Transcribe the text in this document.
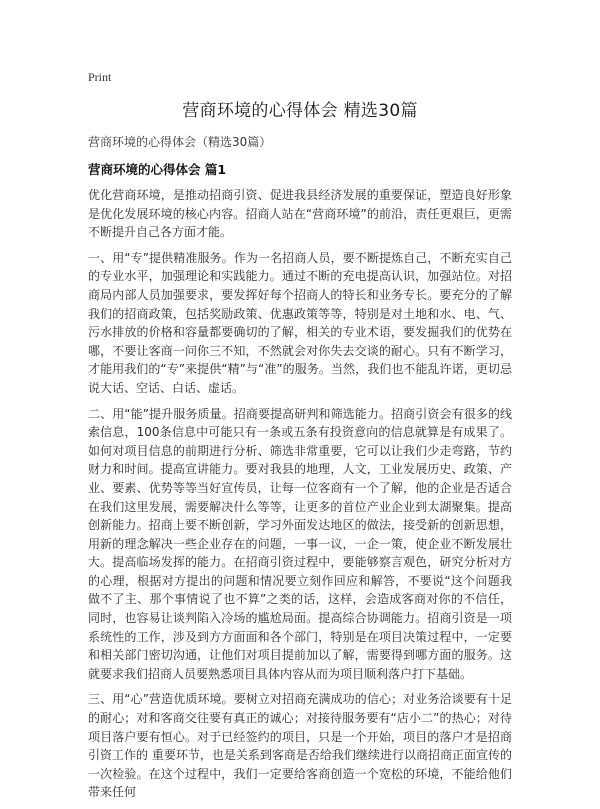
Print
营商环境的心得体会 精选30篇
营商环境的心得体会（精选30篇）
营商环境的心得体会 篇1

优化营商环境，是推动招商引资、促进我县经济发展的重要保证，塑造良好形象是优化发展环境的核心内容。招商人站在“营商环境”的前沿，责任更艰巨，更需不断提升自己各方面才能。

一、用“专”提供精准服务。作为一名招商人员，要不断提炼自己，不断充实自己的专业水平，加强理论和实践能力。通过不断的充电提高认识，加强站位。对招商局内部人员加强要求，要发挥好每个招商人的特长和业务专长。要充分的了解我们的招商政策，包括奖励政策、优惠政策等等，特别是对土地和水、电、气、污水排放的价格和容量都要确切的了解，相关的专业术语，要发掘我们的优势在哪，不要让客商一问你三不知，不然就会对你失去交谈的耐心。只有不断学习，才能用我们的“专”来提供“精”与“准”的服务。当然，我们也不能乱许诺，更切忌说大话、空话、白话、虚话。

二、用“能”提升服务质量。招商要提高研判和筛选能力。招商引资会有很多的线索信息，100条信息中可能只有一条或五条有投资意向的信息就算是有成果了。如何对项目信息的前期进行分析、筛选非常重要，它可以让我们少走弯路，节约财力和时间。提高宣讲能力。要对我县的地理，人文，工业发展历史、政策、产业、要素、优势等等当好宣传员，让每一位客商有一个了解，他的企业是否适合在我们这里发展，需要解决什么等等，让更多的首位产业企业到太湖聚集。提高创新能力。招商上要不断创新，学习外面发达地区的做法，接受新的创新思想，用新的理念解决一些企业存在的问题，一事一议，一企一策，使企业不断发展壮大。提高临场发挥的能力。在招商引资过程中，要能够察言观色，研究分析对方的心理，根据对方提出的问题和情况要立刻作回应和解答，不要说“这个问题我做不了主、那个事情说了也不算”之类的话，这样，会造成客商对你的不信任，同时，也容易让谈判陷入冷场的尴尬局面。提高综合协调能力。招商引资是一项系统性的工作，涉及到方方面面和各个部门，特别是在项目决策过程中，一定要和相关部门密切沟通，让他们对项目提前加以了解，需要得到哪方面的服务。这就要求我们招商人员要熟悉项目具体内容从而为项目顺利落户打下基础。

三、用“心”营造优质环境。要树立对招商充满成功的信心；对业务洽谈要有十足的耐心；对和客商交往要有真正的诚心；对接待服务要有“店小二”的热心；对待项目落户要有恒心。对于已经签约的项目，只是一个开始，项目的落户才是招商引资工作的 重要环节，也是关系到客商是否给我们继续进行以商招商正面宣传的一次检验。在这个过程中，我们一定要给客商创造一个宽松的环境，不能给他们带来任何
